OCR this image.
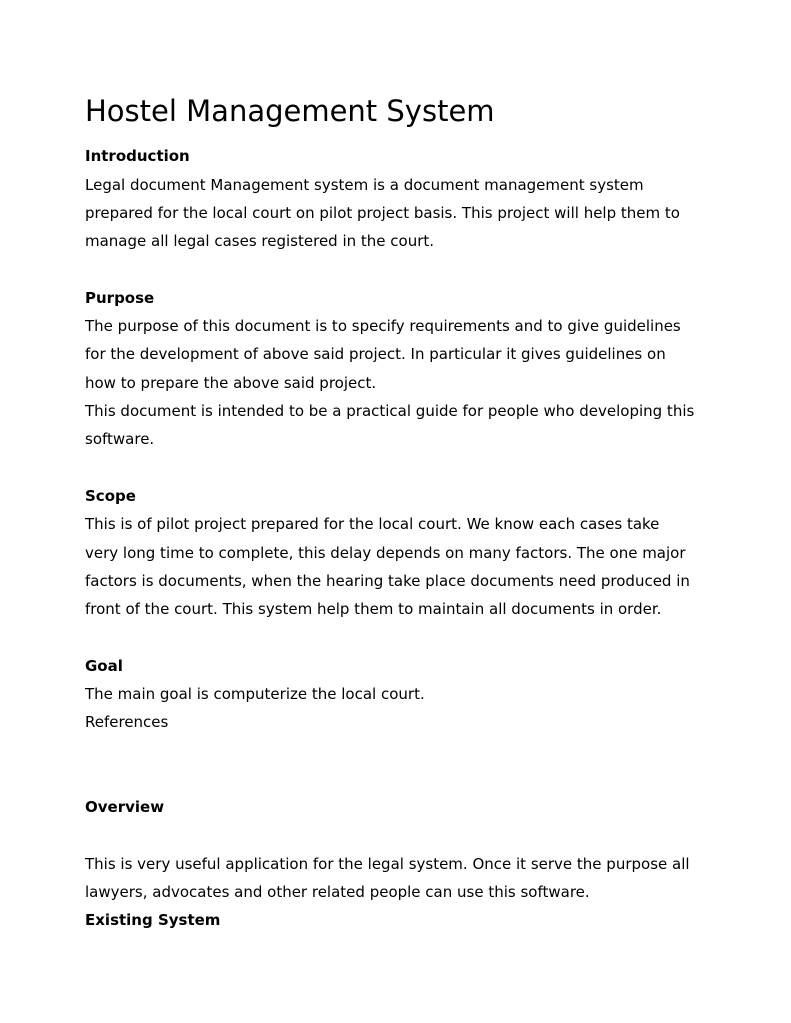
Hostel Management System
Introduction
Legal document Management system is a document management system
prepared for the local court on pilot project basis. This project will help them to
manage all legal cases registered in the court.
Purpose
The purpose of this document is to specify requirements and to give guidelines
for the development of above said project. In particular it gives guidelines on
how to prepare the above said project.
This document is intended to be a practical guide for people who developing this
software.
Scope
This is of pilot project prepared for the local court. We know each cases take
very long time to complete, this delay depends on many factors. The one major
factors is documents, when the hearing take place documents need produced in
front of the court. This system help them to maintain all documents in order.
Goal
The main goal is computerize the local court.
References
Overview
This is very useful application for the legal system. Once it serve the purpose all
lawyers, advocates and other related people can use this software.
Existing System
